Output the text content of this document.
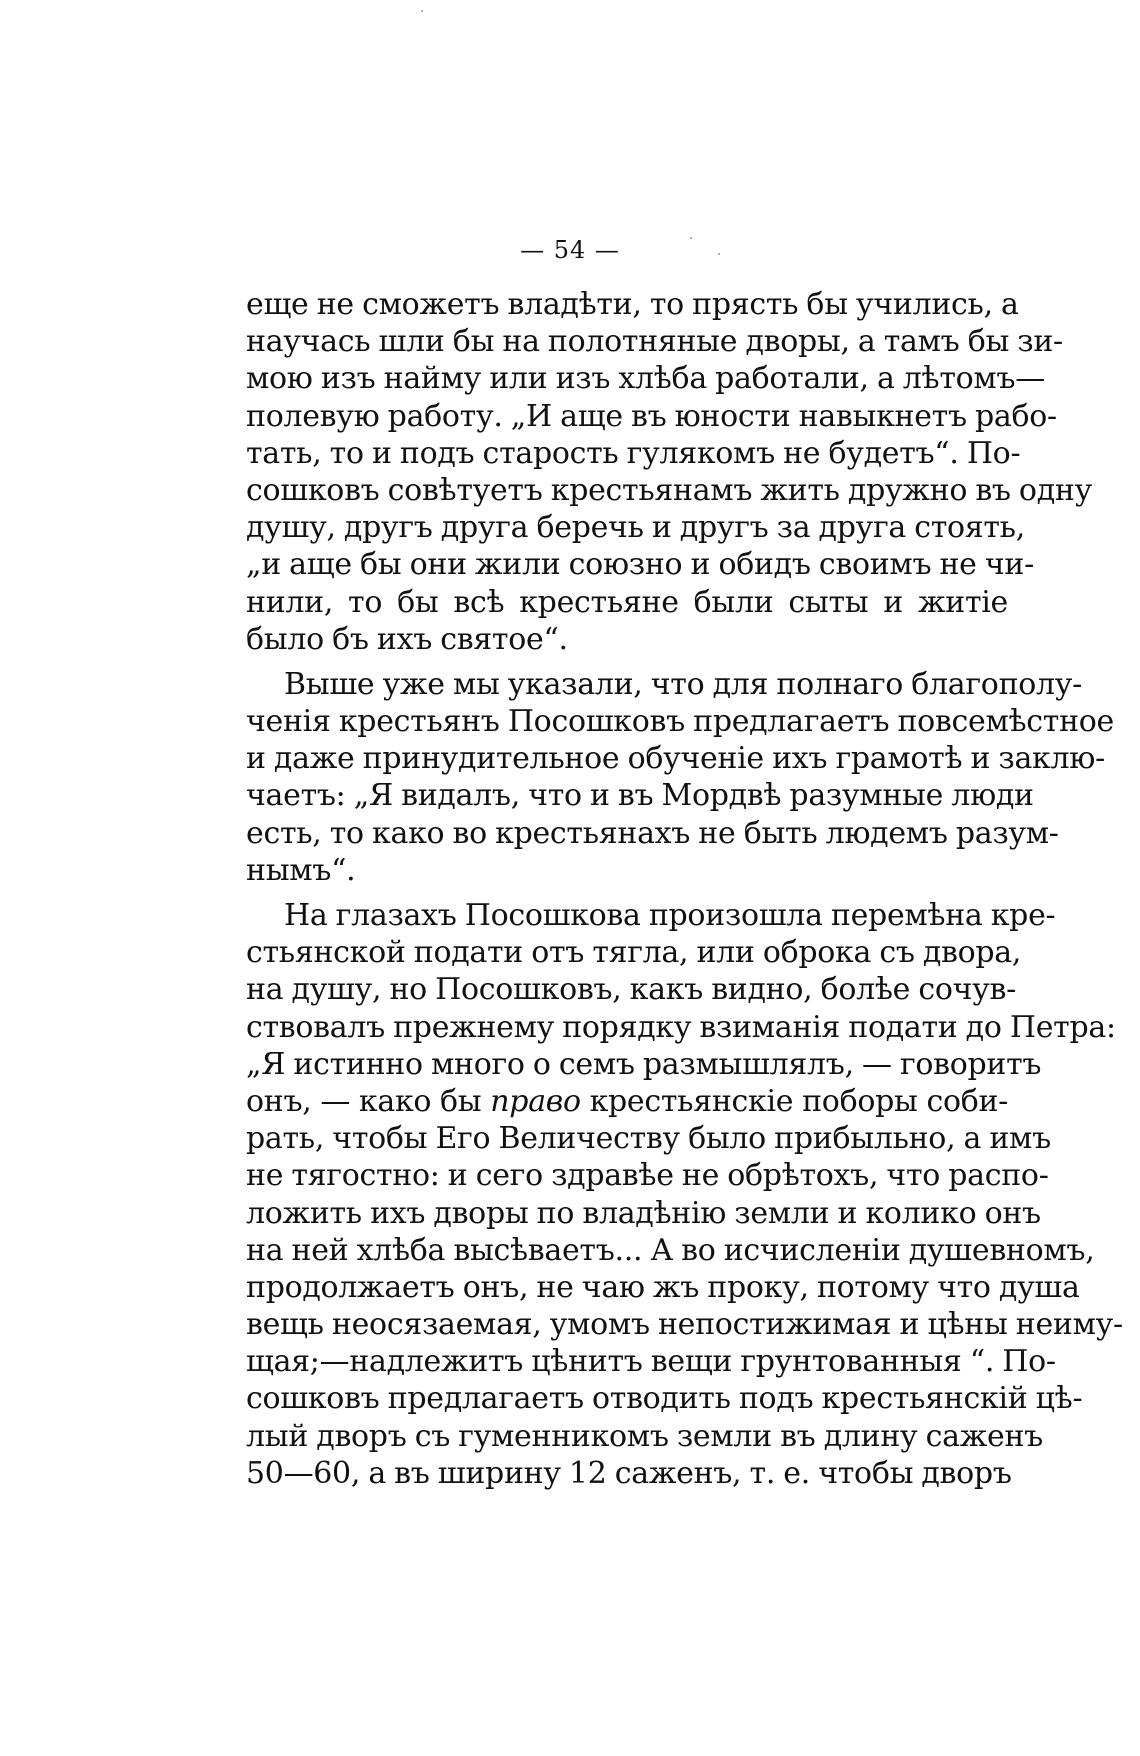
— 54 —
еще не сможетъ владѣти, то прясть бы учились, а
научась шли бы на полотняные дворы, а тамъ бы зи-
мою изъ найму или изъ хлѣба работали, а лѣтомъ—
полевую работу. „И аще въ юности навыкнетъ рабо-
тать, то и подъ старость гулякомъ не будетъ“. По-
сошковъ совѣтуетъ крестьянамъ жить дружно въ одну
душу, другъ друга беречь и другъ за друга стоять,
„и аще бы они жили союзно и обидъ своимъ не чи-
нили, то бы всѣ крестьяне были сыты и житіе
было бъ ихъ святое“.
Выше уже мы указали, что для полнаго благополу-
ченія крестьянъ Посошковъ предлагаетъ повсемѣстное
и даже принудительное обученіе ихъ грамотѣ и заклю-
чаетъ: „Я видалъ, что и въ Мордвѣ разумные люди
есть, то како во крестьянахъ не быть людемъ разум-
нымъ“.
На глазахъ Посошкова произошла перемѣна кре-
стьянской подати отъ тягла, или оброка съ двора,
на душу, но Посошковъ, какъ видно, болѣе сочув-
ствовалъ прежнему порядку взиманія подати до Петра:
„Я истинно много о семъ размышлялъ, — говоритъ
онъ, — како бы право крестьянскіе поборы соби-
рать, чтобы Его Величеству было прибыльно, а имъ
не тягостно: и сего здравѣе не обрѣтохъ, что распо-
ложить ихъ дворы по владѣнію земли и колико онъ
на ней хлѣба высѣваетъ... А во исчисленіи душевномъ,
продолжаетъ онъ, не чаю жъ проку, потому что душа
вещь неосязаемая, умомъ непостижимая и цѣны неиму-
щая;—надлежитъ цѣнитъ вещи грунтованныя “. По-
сошковъ предлагаетъ отводить подъ крестьянскій цѣ-
лый дворъ съ гуменникомъ земли въ длину саженъ
50—60, а въ ширину 12 саженъ, т. е. чтобы дворъ
